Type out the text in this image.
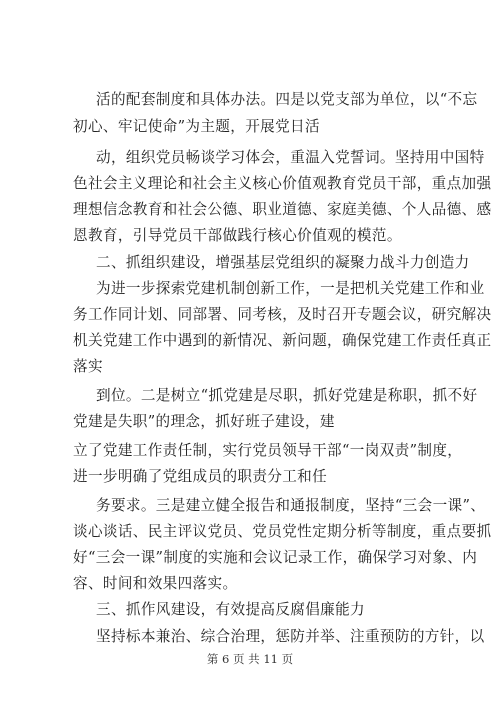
活的配套制度和具体办法。四是以党支部为单位，以“不忘
初心、牢记使命”为主题，开展党日活
动，组织党员畅谈学习体会，重温入党誓词。坚持用中国特
色社会主义理论和社会主义核心价值观教育党员干部，重点加强
理想信念教育和社会公德、职业道德、家庭美德、个人品德、感
恩教育，引导党员干部做践行核心价值观的模范。
二、抓组织建设，增强基层党组织的凝聚力战斗力创造力
为进一步探索党建机制创新工作，一是把机关党建工作和业
务工作同计划、同部署、同考核，及时召开专题会议，研究解决
机关党建工作中遇到的新情况、新问题，确保党建工作责任真正
落实
到位。二是树立“抓党建是尽职，抓好党建是称职，抓不好
党建是失职”的理念，抓好班子建设，建
立了党建工作责任制，实行党员领导干部“一岗双责”制度，
进一步明确了党组成员的职责分工和任
务要求。三是建立健全报告和通报制度，坚持“三会一课”、
谈心谈话、民主评议党员、党员党性定期分析等制度，重点要抓
好“三会一课”制度的实施和会议记录工作，确保学习对象、内
容、时间和效果四落实。
三、抓作风建设，有效提高反腐倡廉能力
坚持标本兼治、综合治理，惩防并举、注重预防的方针，以
第 6 页 共 11 页
